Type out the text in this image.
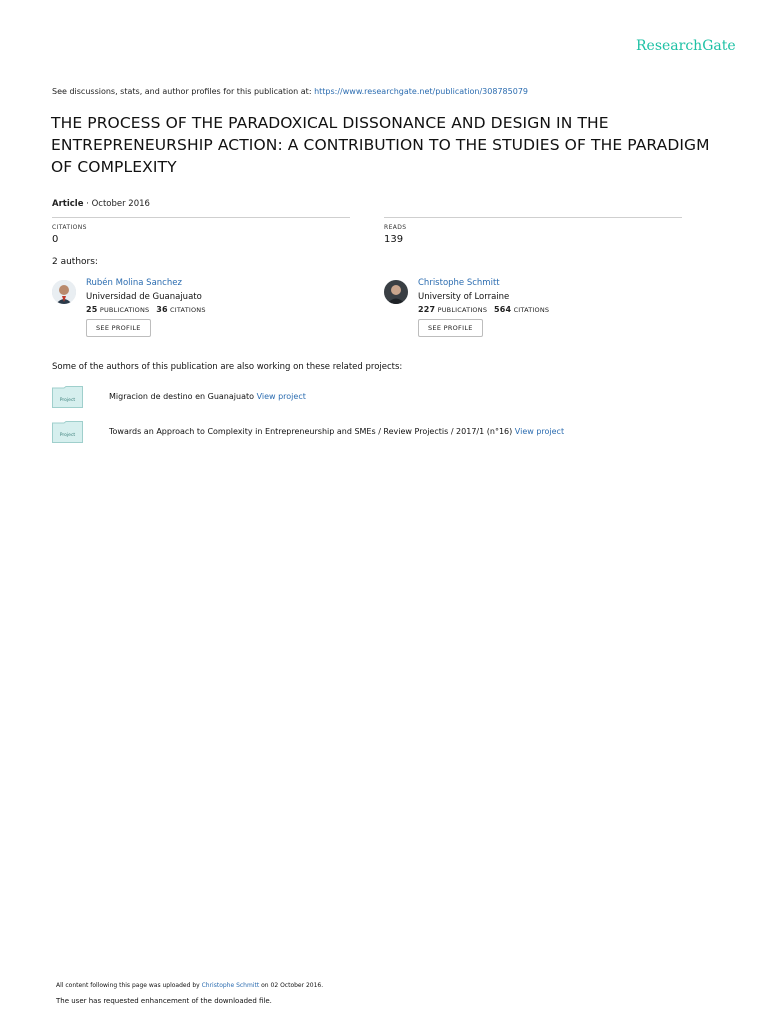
ResearchGate
See discussions, stats, and author profiles for this publication at: https://www.researchgate.net/publication/308785079
THE PROCESS OF THE PARADOXICAL DISSONANCE AND DESIGN IN THE ENTREPRENEURSHIP ACTION: A CONTRIBUTION TO THE STUDIES OF THE PARADIGM OF COMPLEXITY
Article · October 2016
CITATIONS
0
READS
139
2 authors:
Rubén Molina Sanchez
Universidad de Guanajuato
25 PUBLICATIONS 36 CITATIONS
SEE PROFILE
Christophe Schmitt
University of Lorraine
227 PUBLICATIONS 564 CITATIONS
SEE PROFILE
Some of the authors of this publication are also working on these related projects:
Project	Migracion de destino en Guanajuato View project
Project	Towards an Approach to Complexity in Entrepreneurship and SMEs / Review Projectis / 2017/1 (n°16) View project
All content following this page was uploaded by Christophe Schmitt on 02 October 2016.
The user has requested enhancement of the downloaded file.
